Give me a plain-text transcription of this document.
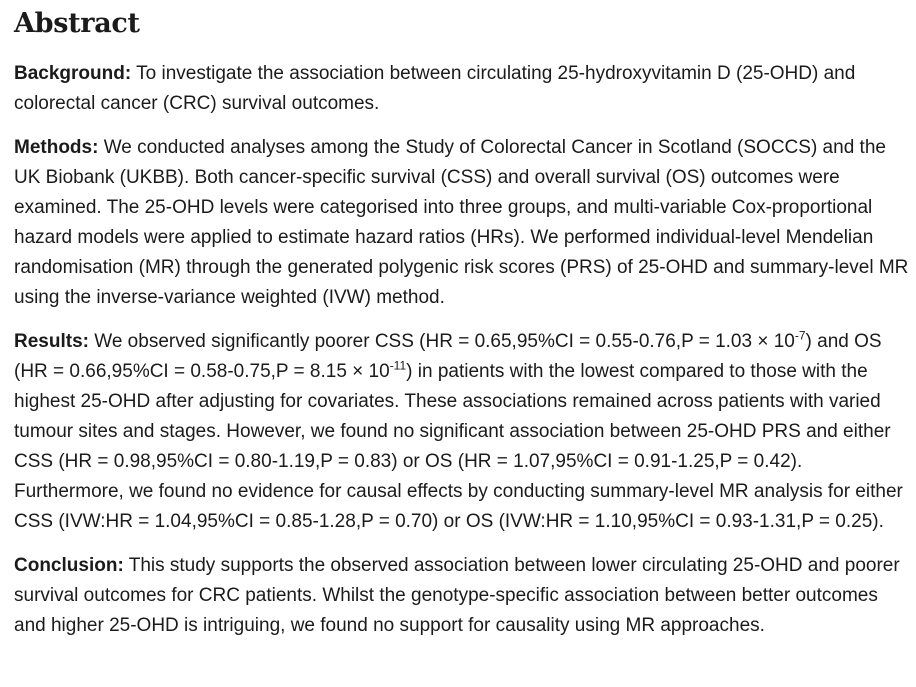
Abstract

Background: To investigate the association between circulating 25-hydroxyvitamin D (25-OHD) and colorectal cancer (CRC) survival outcomes.

Methods: We conducted analyses among the Study of Colorectal Cancer in Scotland (SOCCS) and the UK Biobank (UKBB). Both cancer-specific survival (CSS) and overall survival (OS) outcomes were examined. The 25-OHD levels were categorised into three groups, and multi-variable Cox-proportional hazard models were applied to estimate hazard ratios (HRs). We performed individual-level Mendelian randomisation (MR) through the generated polygenic risk scores (PRS) of 25-OHD and summary-level MR using the inverse-variance weighted (IVW) method.

Results: We observed significantly poorer CSS $(HR = 0.65,95\%CI = 0.55-0.76,P = 1.03 \times 10^{-7})$ and OS $(HR = 0.66,95\%CI = 0.58-0.75,P = 8.15 \times 10^{-11})$ in patients with the lowest compared to those with the highest 25-OHD after adjusting for covariates. These associations remained across patients with varied tumour sites and stages. However, we found no significant association between 25-OHD PRS and either CSS (HR = 0.98,95%CI = 0.80-1.19,P = 0.83) or OS (HR = 1.07,95%CI = 0.91-1.25,P = 0.42). Furthermore, we found no evidence for causal effects by conducting summary-level MR analysis for either CSS (IVW:HR = 1.04,95%CI = 0.85-1.28,P = 0.70) or OS (IVW:HR = 1.10,95%CI = 0.93-1.31,P = 0.25).

Conclusion: This study supports the observed association between lower circulating 25-OHD and poorer survival outcomes for CRC patients. Whilst the genotype-specific association between better outcomes and higher 25-OHD is intriguing, we found no support for causality using MR approaches.
